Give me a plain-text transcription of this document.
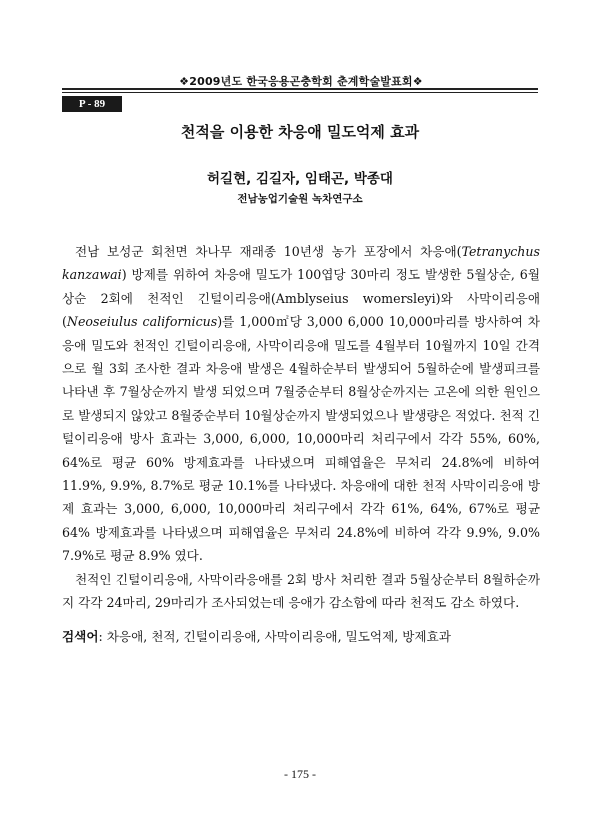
❖2009년도 한국응용곤충학회 춘계학술발표회❖
P - 89
천적을 이용한 차응애 밀도억제 효과
허길현, 김길자, 임태곤, 박종대
전남농업기술원 녹차연구소

전남 보성군 회천면 차나무 재래종 10년생 농가 포장에서 차응애(Tetranychus kanzawai) 방제를 위하여 차응애 밀도가 100엽당 30마리 정도 발생한 5월상순, 6월상순 2회에 천적인 긴털이리응애(Amblyseius womersleyi)와 사막이리응애(Neoseiulus californicus)를 1,000㎡당 3,000 6,000 10,000마리를 방사하여 차응애 밀도와 천적인 긴털이리응애, 사막이리응애 밀도를 4월부터 10월까지 10일 간격으로 월 3회 조사한 결과 차응애 발생은 4월하순부터 발생되어 5월하순에 발생피크를 나타낸 후 7월상순까지 발생 되었으며 7월중순부터 8월상순까지는 고온에 의한 원인으로 발생되지 않았고 8월중순부터 10월상순까지 발생되었으나 발생량은 적었다. 천적 긴털이리응애 방사 효과는 3,000, 6,000, 10,000마리 처리구에서 각각 55%, 60%, 64%로 평균 60% 방제효과를 나타냈으며 피해엽율은 무처리 24.8%에 비하여 11.9%, 9.9%, 8.7%로 평균 10.1%를 나타냈다. 차응애에 대한 천적 사막이리응애 방제 효과는 3,000, 6,000, 10,000마리 처리구에서 각각 61%, 64%, 67%로 평균 64% 방제효과를 나타냈으며 피해엽율은 무처리 24.8%에 비하여 각각 9.9%, 9.0% 7.9%로 평균 8.9% 였다.

천적인 긴털이리응애, 사막이라응애를 2회 방사 처리한 결과 5월상순부터 8월하순까지 각각 24마리, 29마리가 조사되었는데 응애가 감소함에 따라 천적도 감소 하였다.

검색어: 차응애, 천적, 긴털이리응애, 사막이리응애, 밀도억제, 방제효과
- 175 -
